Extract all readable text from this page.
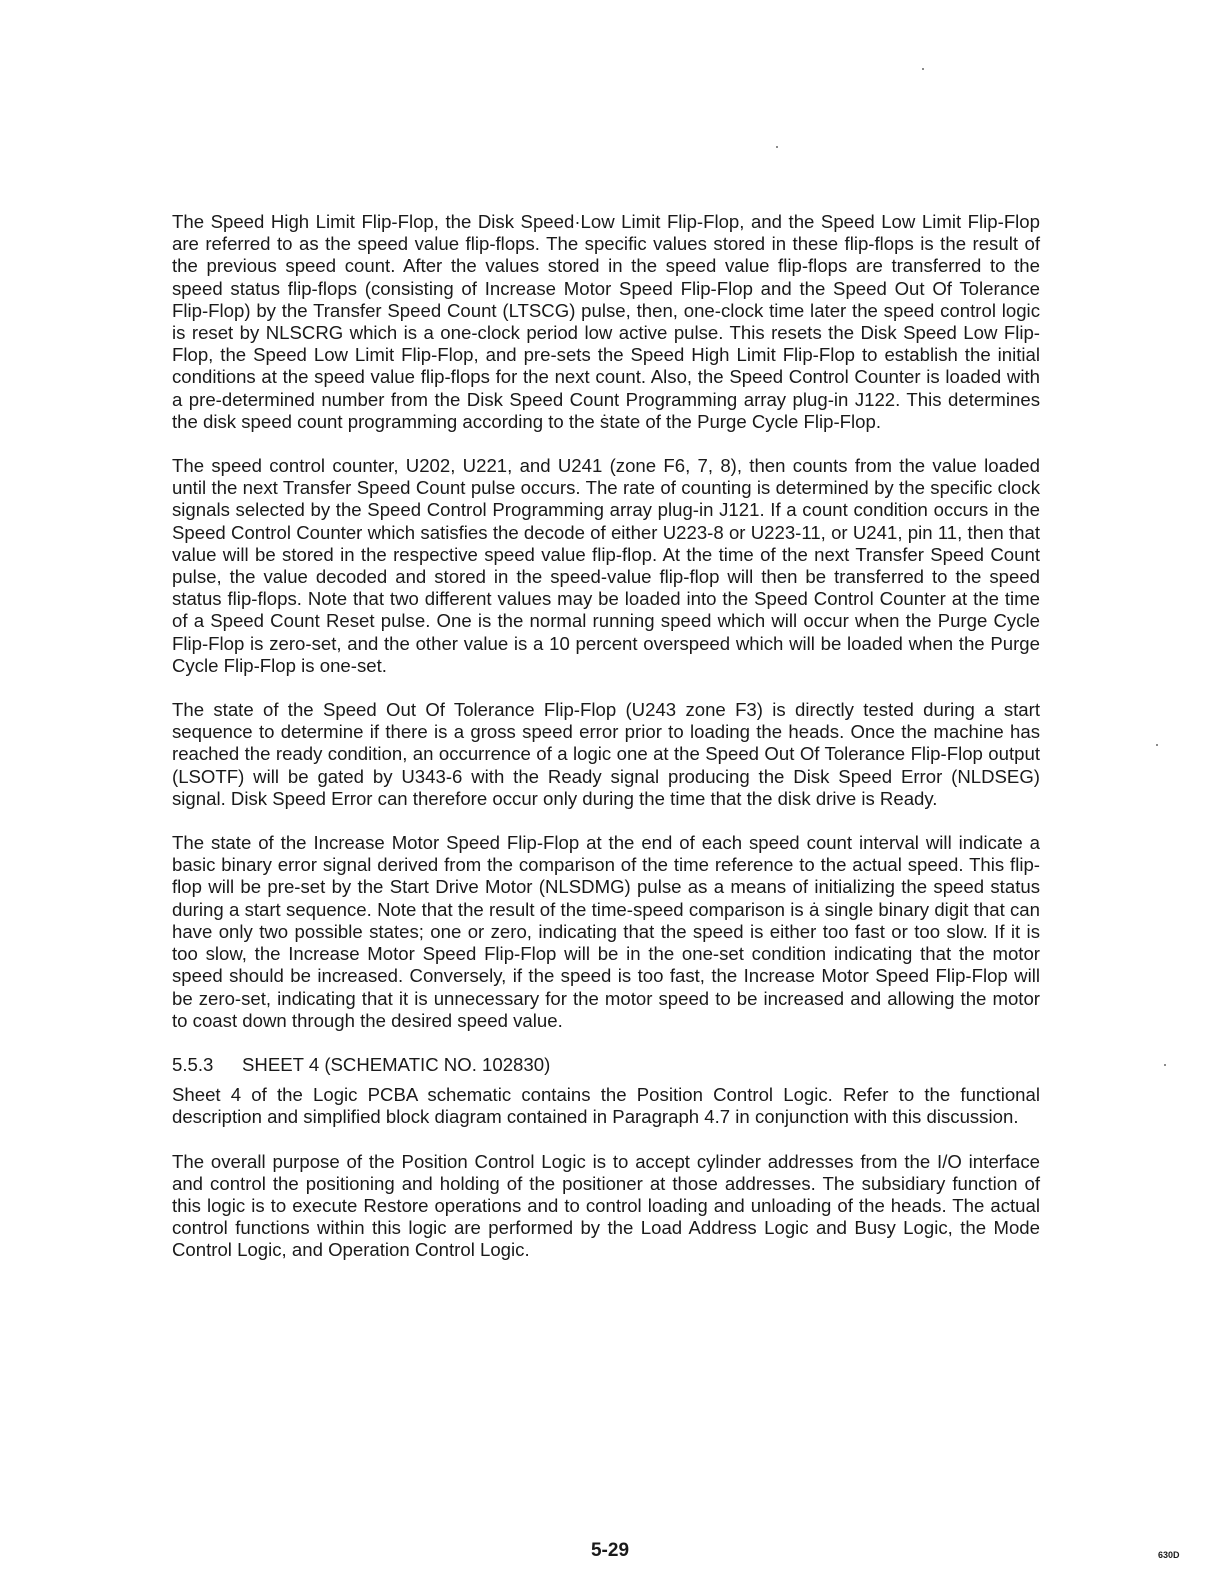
The Speed High Limit Flip-Flop, the Disk Speed·Low Limit Flip-Flop, and the Speed Low Limit Flip-Flop are referred to as the speed value flip-flops. The specific values stored in these flip-flops is the result of the previous speed count. After the values stored in the speed value flip-flops are transferred to the speed status flip-flops (consisting of Increase Motor Speed Flip-Flop and the Speed Out Of Tolerance Flip-Flop) by the Transfer Speed Count (LTSCG) pulse, then, one-clock time later the speed control logic is reset by NLSCRG which is a one-clock period low active pulse. This resets the Disk Speed Low Flip-Flop, the Speed Low Limit Flip-Flop, and pre-sets the Speed High Limit Flip-Flop to establish the initial conditions at the speed value flip-flops for the next count. Also, the Speed Control Counter is loaded with a pre-determined number from the Disk Speed Count Programming array plug-in J122. This determines the disk speed count programming according to the ṡtate of the Purge Cycle Flip-Flop.

The speed control counter, U202, U221, and U241 (zone F6, 7, 8), then counts from the value loaded until the next Transfer Speed Count pulse occurs. The rate of counting is determined by the specific clock signals selected by the Speed Control Programming array plug-in J121. If a count condition occurs in the Speed Control Counter which satisfies the decode of either U223-8 or U223-11, or U241, pin 11, then that value will be stored in the respective speed value flip-flop. At the time of the next Transfer Speed Count pulse, the value decoded and stored in the speed-value flip-flop will then be transferred to the speed status flip-flops. Note that two different values may be loaded into the Speed Control Counter at the time of a Speed Count Reset pulse. One is the normal running speed which will occur when the Purge Cycle Flip-Flop is zero-set, and the other value is a 10 percent overspeed which will be loaded when the Purge Cycle Flip-Flop is one-set.

The state of the Speed Out Of Tolerance Flip-Flop (U243 zone F3) is directly tested during a start sequence to determine if there is a gross speed error prior to loading the heads. Once the machine has reached the ready condition, an occurrence of a logic one at the Speed Out Of Tolerance Flip-Flop output (LSOTF) will be gated by U343-6 with the Ready signal producing the Disk Speed Error (NLDSEG) signal. Disk Speed Error can therefore occur only during the time that the disk drive is Ready.

The state of the Increase Motor Speed Flip-Flop at the end of each speed count interval will indicate a basic binary error signal derived from the comparison of the time reference to the actual speed. This flip-flop will be pre-set by the Start Drive Motor (NLSDMG) pulse as a means of initializing the speed status during a start sequence. Note that the result of the time-speed comparison is ȧ single binary digit that can have only two possible states; one or zero, indicating that the speed is either too fast or too slow. If it is too slow, the Increase Motor Speed Flip-Flop will be in the one-set condition indicating that the motor speed should be increased. Conversely, if the speed is too fast, the Increase Motor Speed Flip-Flop will be zero-set, indicating that it is unnecessary for the motor speed to be increased and allowing the motor to coast down through the desired speed value.

5.5.3 SHEET 4 (SCHEMATIC NO. 102830)

Sheet 4 of the Logic PCBA schematic contains the Position Control Logic. Refer to the functional description and simplified block diagram contained in Paragraph 4.7 in conjunction with this discussion.

The overall purpose of the Position Control Logic is to accept cylinder addresses from the I/O interface and control the positioning and holding of the positioner at those addresses. The subsidiary function of this logic is to execute Restore operations and to control loading and unloading of the heads. The actual control functions within this logic are performed by the Load Address Logic and Busy Logic, the Mode Control Logic, and Operation Control Logic.

5-29	630D
